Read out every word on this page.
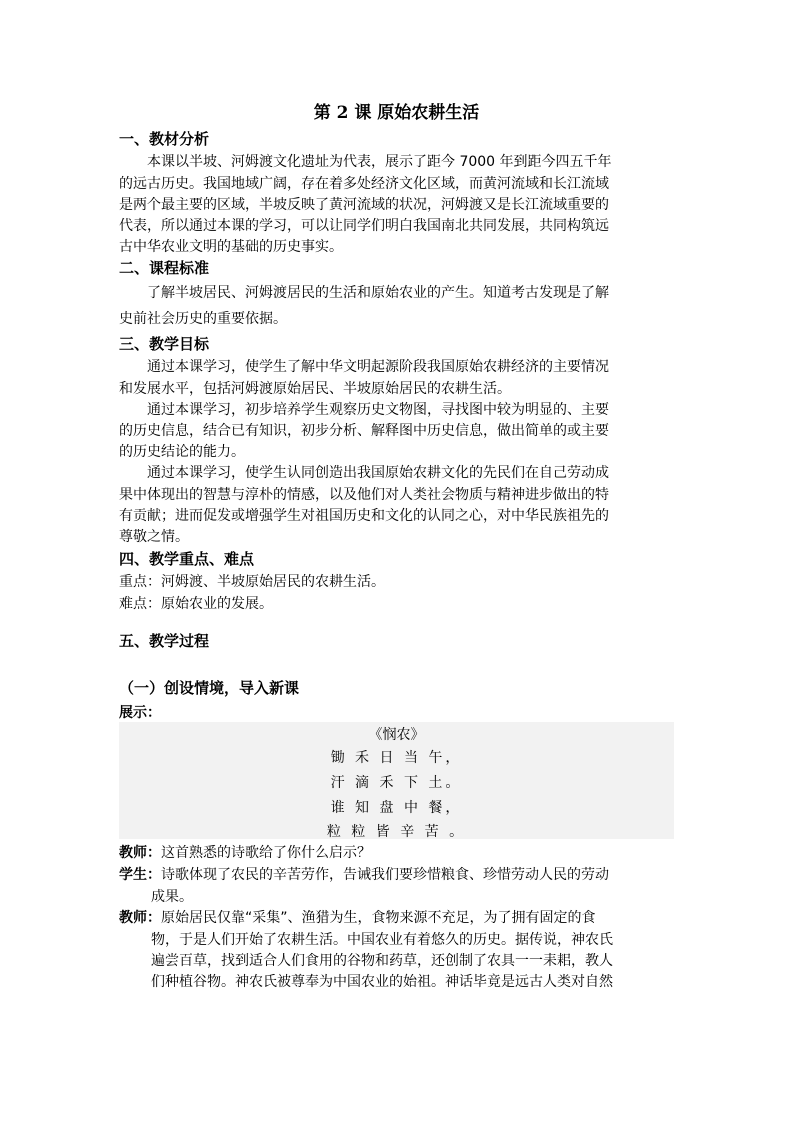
第 2 课 原始农耕生活
一、教材分析
本课以半坡、河姆渡文化遗址为代表，展示了距今 7000 年到距今四五千年
的远古历史。我国地域广阔，存在着多处经济文化区域，而黄河流域和长江流域
是两个最主要的区域，半坡反映了黄河流域的状况，河姆渡又是长江流域重要的
代表，所以通过本课的学习，可以让同学们明白我国南北共同发展，共同构筑远
古中华农业文明的基础的历史事实。
二、课程标准
了解半坡居民、河姆渡居民的生活和原始农业的产生。知道考古发现是了解
史前社会历史的重要依据。
三、教学目标
通过本课学习，使学生了解中华文明起源阶段我国原始农耕经济的主要情况
和发展水平，包括河姆渡原始居民、半坡原始居民的农耕生活。
通过本课学习，初步培养学生观察历史文物图，寻找图中较为明显的、主要
的历史信息，结合已有知识，初步分析、解释图中历史信息，做出简单的或主要
的历史结论的能力。
通过本课学习，使学生认同创造出我国原始农耕文化的先民们在自己劳动成
果中体现出的智慧与淳朴的情感，以及他们对人类社会物质与精神进步做出的特
有贡献；进而促发或增强学生对祖国历史和文化的认同之心，对中华民族祖先的
尊敬之情。
四、教学重点、难点
重点：河姆渡、半坡原始居民的农耕生活。
难点：原始农业的发展。
五、教学过程
（一）创设情境，导入新课
展示：
《悯农》
锄 禾 日 当 午，
汗 滴 禾 下 土。
谁 知 盘 中 餐，
粒 粒 皆 辛 苦 。
教师：这首熟悉的诗歌给了你什么启示？
学生：诗歌体现了农民的辛苦劳作，告诫我们要珍惜粮食、珍惜劳动人民的劳动
成果。
教师：原始居民仅靠“采集”、渔猎为生，食物来源不充足，为了拥有固定的食
物，于是人们开始了农耕生活。中国农业有着悠久的历史。据传说，神农氏
遍尝百草，找到适合人们食用的谷物和药草，还创制了农具一一耒耜，教人
们种植谷物。神农氏被尊奉为中国农业的始祖。神话毕竟是远古人类对自然
